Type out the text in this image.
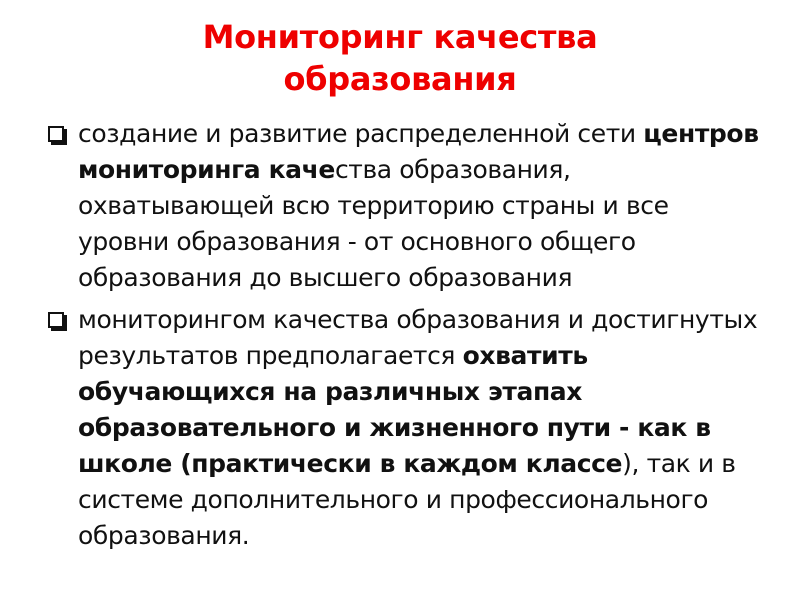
Мониторинг качества
образования
создание и развитие распределенной сети центров мониторинга качества образования, охватывающей всю территорию страны и все уровни образования - от основного общего образования до высшего образования
мониторингом качества образования и достигнутых результатов предполагается охватить обучающихся на различных этапах образовательного и жизненного пути - как в школе (практически в каждом классе), так и в системе дополнительного и профессионального образования.
